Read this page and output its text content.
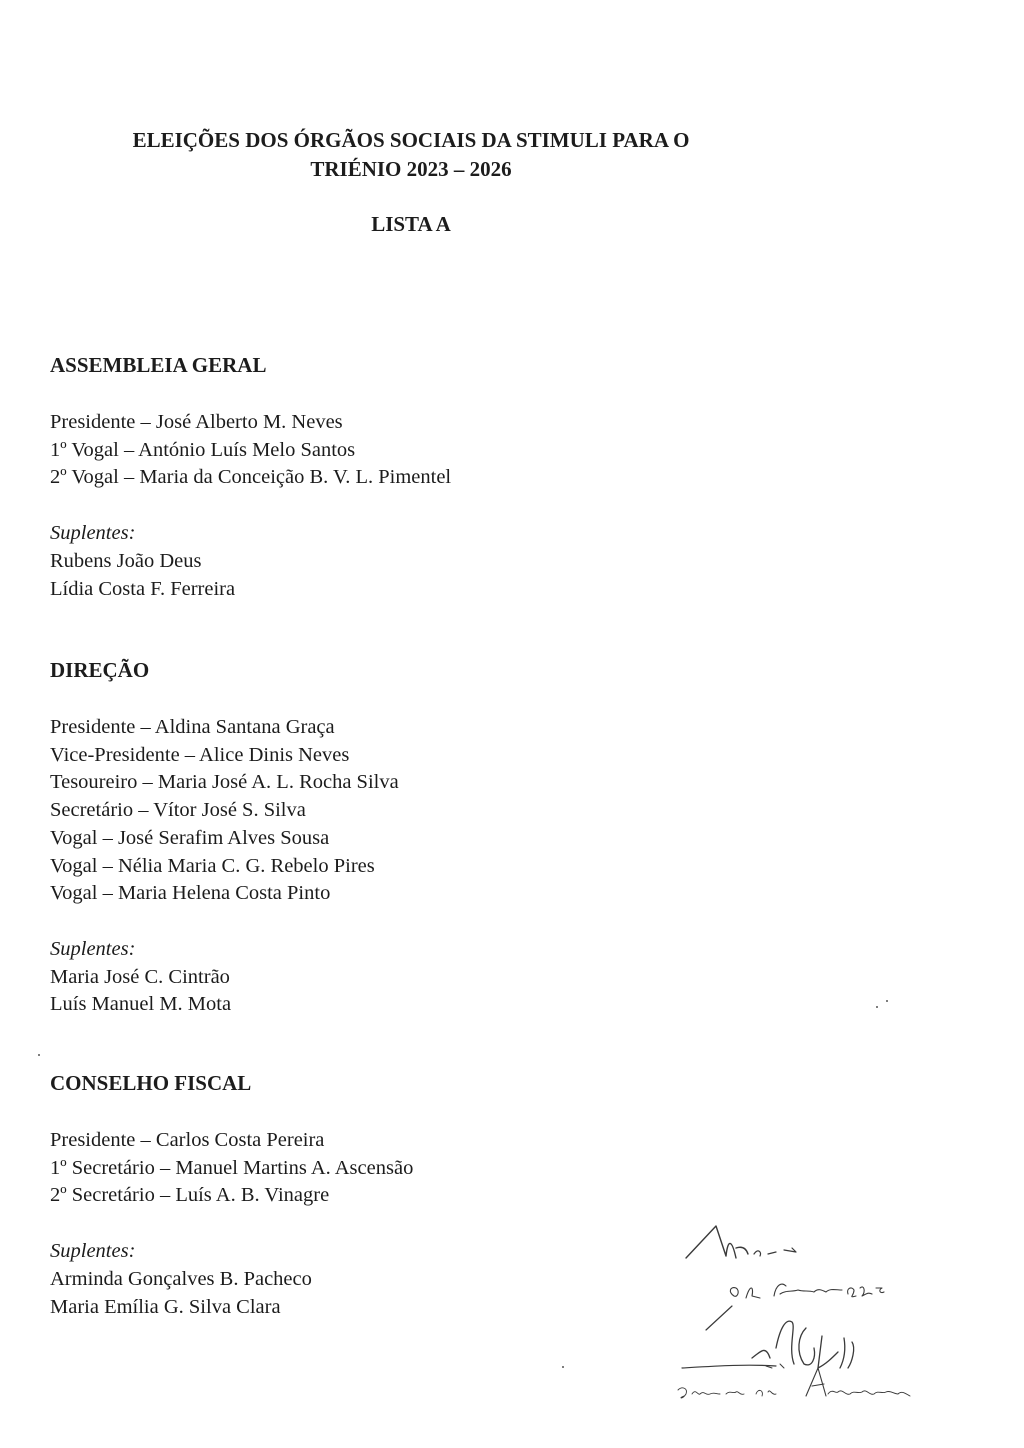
ELEIÇÕES DOS ÓRGÃOS SOCIAIS DA STIMULI PARA O
TRIÉNIO 2023 – 2026
LISTA A
ASSEMBLEIA GERAL
Presidente – José Alberto M. Neves
1º Vogal – António Luís Melo Santos
2º Vogal – Maria da Conceição B. V. L. Pimentel
Suplentes:
Rubens João Deus
Lídia Costa F. Ferreira
DIREÇÃO
Presidente – Aldina Santana Graça
Vice-Presidente – Alice Dinis Neves
Tesoureiro – Maria José A. L. Rocha Silva
Secretário – Vítor José S. Silva
Vogal – José Serafim Alves Sousa
Vogal – Nélia Maria C. G. Rebelo Pires
Vogal – Maria Helena Costa Pinto
Suplentes:
Maria José C. Cintrão
Luís Manuel M. Mota
CONSELHO FISCAL
Presidente – Carlos Costa Pereira
1º Secretário – Manuel Martins A. Ascensão
2º Secretário – Luís A. B. Vinagre
Suplentes:
Arminda Gonçalves B. Pacheco
Maria Emília G. Silva Clara
